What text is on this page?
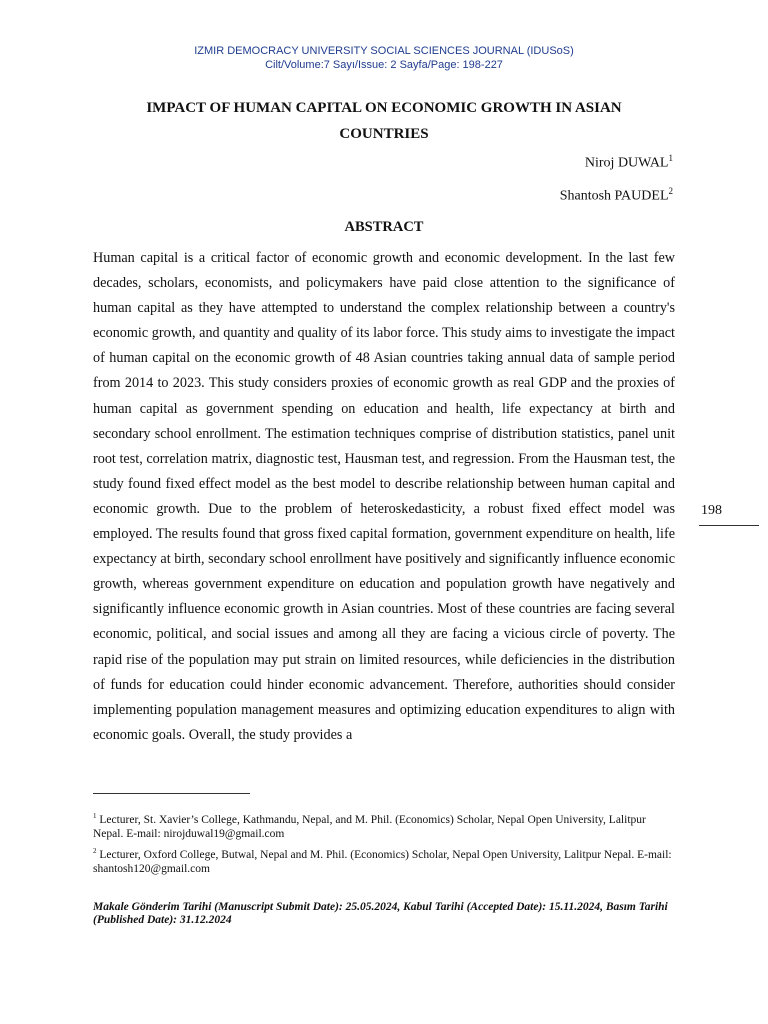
IZMIR DEMOCRACY UNIVERSITY SOCIAL SCIENCES JOURNAL (IDUSoS)
Cilt/Volume:7 Sayı/Issue: 2 Sayfa/Page: 198-227
IMPACT OF HUMAN CAPITAL ON ECONOMIC GROWTH IN ASIAN COUNTRIES
Niroj DUWAL$^1$
Shantosh PAUDEL$^2$
ABSTRACT

Human capital is a critical factor of economic growth and economic development. In the last few decades, scholars, economists, and policymakers have paid close attention to the significance of human capital as they have attempted to understand the complex relationship between a country's economic growth, and quantity and quality of its labor force. This study aims to investigate the impact of human capital on the economic growth of 48 Asian countries taking annual data of sample period from 2014 to 2023. This study considers proxies of economic growth as real GDP and the proxies of human capital as government spending on education and health, life expectancy at birth and secondary school enrollment. The estimation techniques comprise of distribution statistics, panel unit root test, correlation matrix, diagnostic test, Hausman test, and regression. From the Hausman test, the study found fixed effect model as the best model to describe relationship between human capital and economic growth. Due to the problem of heteroskedasticity, a robust fixed effect model was employed. The results found that gross fixed capital formation, government expenditure on health, life expectancy at birth, secondary school enrollment have positively and significantly influence economic growth, whereas government expenditure on education and population growth have negatively and significantly influence economic growth in Asian countries. Most of these countries are facing several economic, political, and social issues and among all they are facing a vicious circle of poverty. The rapid rise of the population may put strain on limited resources, while deficiencies in the distribution of funds for education could hinder economic advancement. Therefore, authorities should consider implementing population management measures and optimizing education expenditures to align with economic goals. Overall, the study provides a

198
$^1$ Lecturer, St. Xavier’s College, Kathmandu, Nepal, and M. Phil. (Economics) Scholar, Nepal Open University, Lalitpur Nepal. E-mail: nirojduwal19@gmail.com
$^2$ Lecturer, Oxford College, Butwal, Nepal and M. Phil. (Economics) Scholar, Nepal Open University, Lalitpur Nepal. E-mail: shantosh120@gmail.com
Makale Gönderim Tarihi (Manuscript Submit Date): 25.05.2024, Kabul Tarihi (Accepted Date): 15.11.2024, Basım Tarihi (Published Date): 31.12.2024
